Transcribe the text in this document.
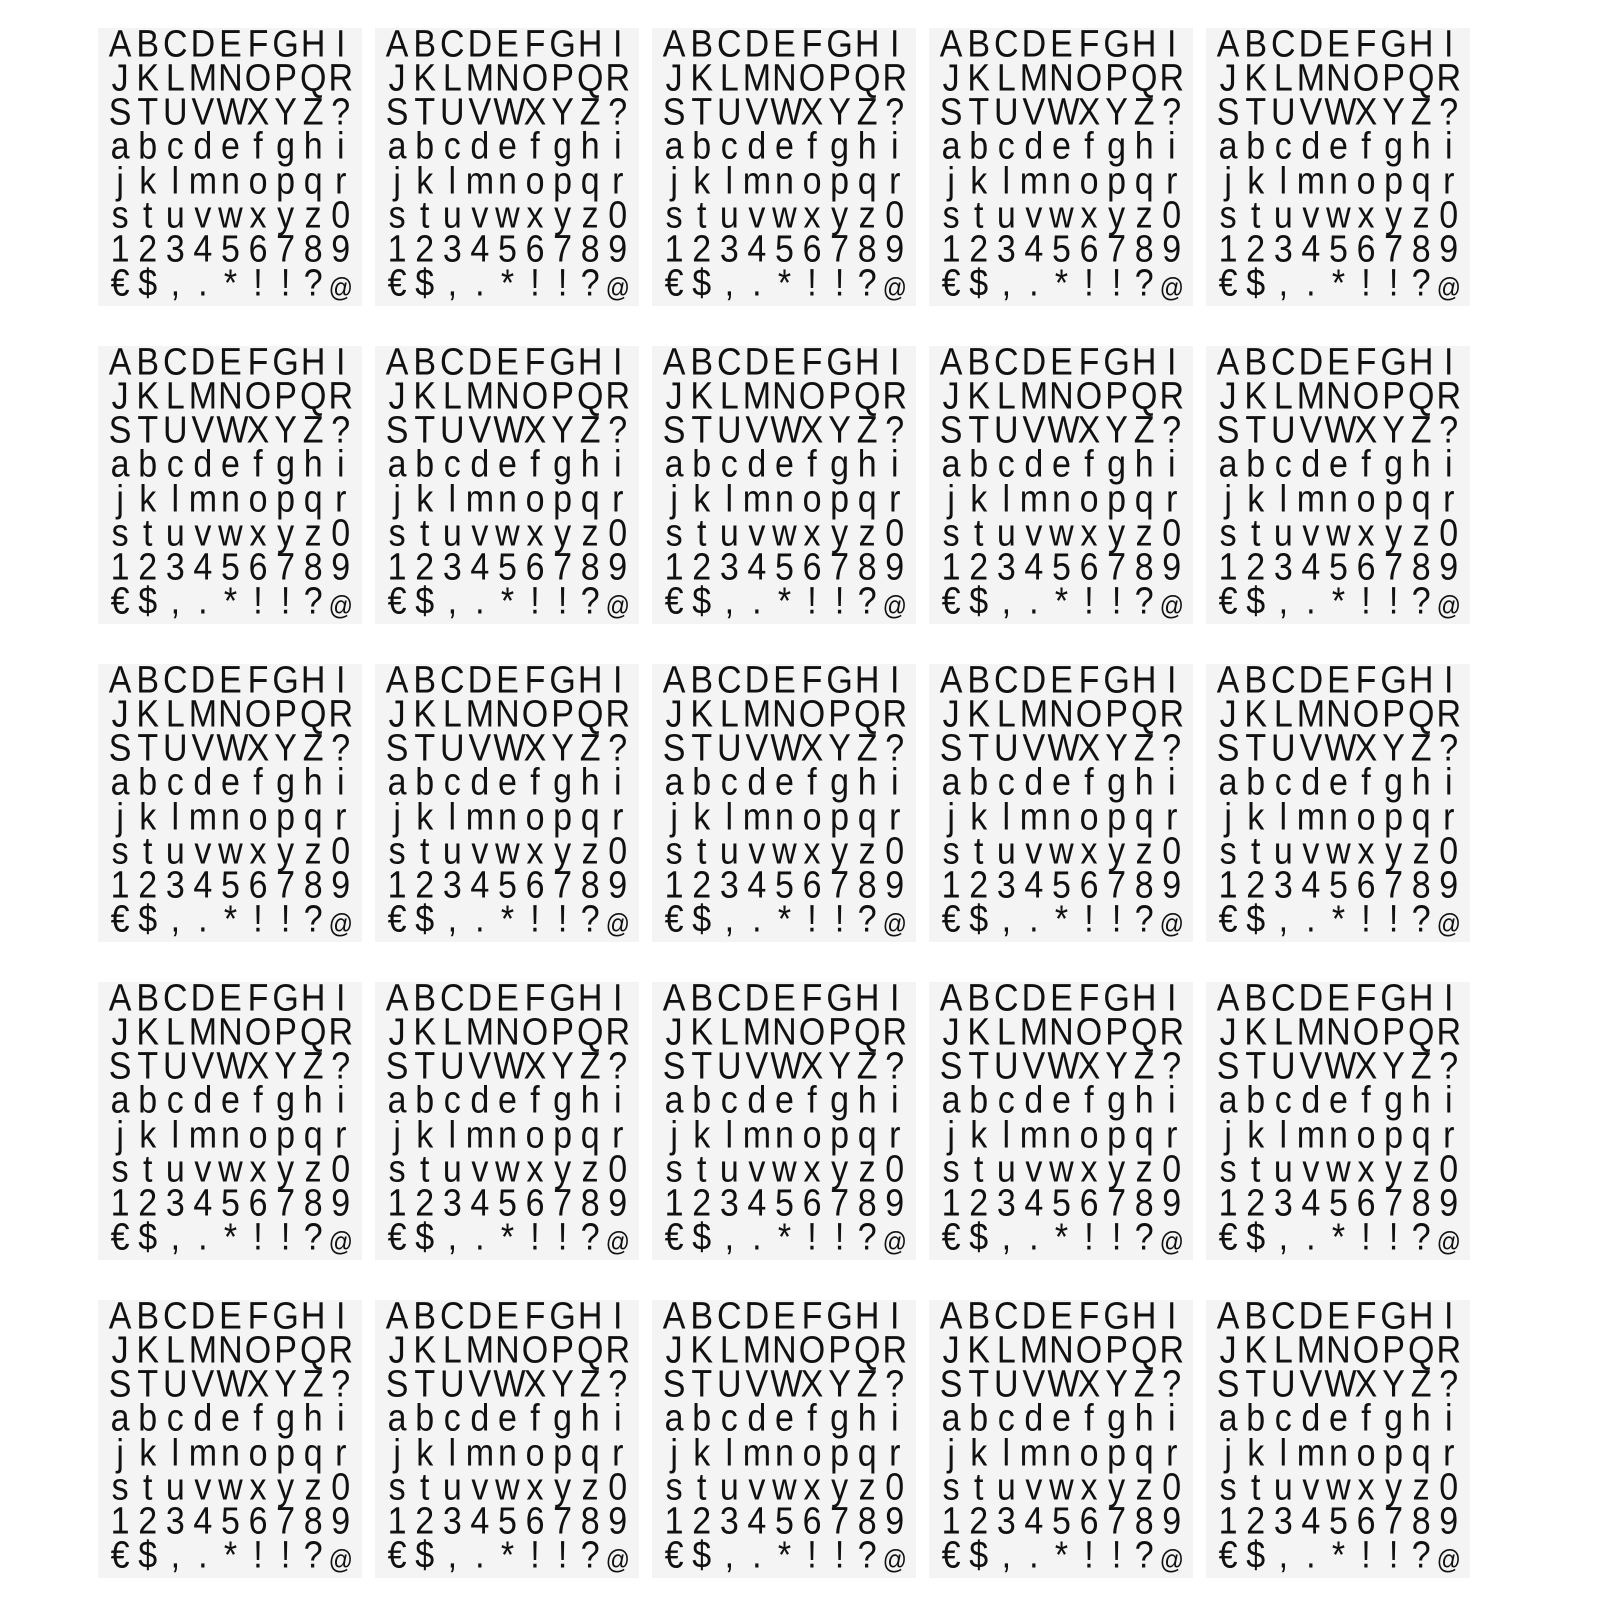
A B C D E F G H I
J K L M N O P Q R
S T U V W X Y Z ?
a b c d e f g h i
j k l m n o p q r
s t u v w x y z 0
1 2 3 4 5 6 7 8 9
€ $ , . * ! ! ? @
A B C D E F G H I
J K L M N O P Q R
S T U V W X Y Z ?
a b c d e f g h i
j k l m n o p q r
s t u v w x y z 0
1 2 3 4 5 6 7 8 9
€ $ , . * ! ! ? @
A B C D E F G H I
J K L M N O P Q R
S T U V W X Y Z ?
a b c d e f g h i
j k l m n o p q r
s t u v w x y z 0
1 2 3 4 5 6 7 8 9
€ $ , . * ! ! ? @
A B C D E F G H I
J K L M N O P Q R
S T U V W X Y Z ?
a b c d e f g h i
j k l m n o p q r
s t u v w x y z 0
1 2 3 4 5 6 7 8 9
€ $ , . * ! ! ? @
A B C D E F G H I
J K L M N O P Q R
S T U V W X Y Z ?
a b c d e f g h i
j k l m n o p q r
s t u v w x y z 0
1 2 3 4 5 6 7 8 9
€ $ , . * ! ! ? @
A B C D E F G H I
J K L M N O P Q R
S T U V W X Y Z ?
a b c d e f g h i
j k l m n o p q r
s t u v w x y z 0
1 2 3 4 5 6 7 8 9
€ $ , . * ! ! ? @
A B C D E F G H I
J K L M N O P Q R
S T U V W X Y Z ?
a b c d e f g h i
j k l m n o p q r
s t u v w x y z 0
1 2 3 4 5 6 7 8 9
€ $ , . * ! ! ? @
A B C D E F G H I
J K L M N O P Q R
S T U V W X Y Z ?
a b c d e f g h i
j k l m n o p q r
s t u v w x y z 0
1 2 3 4 5 6 7 8 9
€ $ , . * ! ! ? @
A B C D E F G H I
J K L M N O P Q R
S T U V W X Y Z ?
a b c d e f g h i
j k l m n o p q r
s t u v w x y z 0
1 2 3 4 5 6 7 8 9
€ $ , . * ! ! ? @
A B C D E F G H I
J K L M N O P Q R
S T U V W X Y Z ?
a b c d e f g h i
j k l m n o p q r
s t u v w x y z 0
1 2 3 4 5 6 7 8 9
€ $ , . * ! ! ? @
A B C D E F G H I
J K L M N O P Q R
S T U V W X Y Z ?
a b c d e f g h i
j k l m n o p q r
s t u v w x y z 0
1 2 3 4 5 6 7 8 9
€ $ , . * ! ! ? @
A B C D E F G H I
J K L M N O P Q R
S T U V W X Y Z ?
a b c d e f g h i
j k l m n o p q r
s t u v w x y z 0
1 2 3 4 5 6 7 8 9
€ $ , . * ! ! ? @
A B C D E F G H I
J K L M N O P Q R
S T U V W X Y Z ?
a b c d e f g h i
j k l m n o p q r
s t u v w x y z 0
1 2 3 4 5 6 7 8 9
€ $ , . * ! ! ? @
A B C D E F G H I
J K L M N O P Q R
S T U V W X Y Z ?
a b c d e f g h i
j k l m n o p q r
s t u v w x y z 0
1 2 3 4 5 6 7 8 9
€ $ , . * ! ! ? @
A B C D E F G H I
J K L M N O P Q R
S T U V W X Y Z ?
a b c d e f g h i
j k l m n o p q r
s t u v w x y z 0
1 2 3 4 5 6 7 8 9
€ $ , . * ! ! ? @
A B C D E F G H I
J K L M N O P Q R
S T U V W X Y Z ?
a b c d e f g h i
j k l m n o p q r
s t u v w x y z 0
1 2 3 4 5 6 7 8 9
€ $ , . * ! ! ? @
A B C D E F G H I
J K L M N O P Q R
S T U V W X Y Z ?
a b c d e f g h i
j k l m n o p q r
s t u v w x y z 0
1 2 3 4 5 6 7 8 9
€ $ , . * ! ! ? @
A B C D E F G H I
J K L M N O P Q R
S T U V W X Y Z ?
a b c d e f g h i
j k l m n o p q r
s t u v w x y z 0
1 2 3 4 5 6 7 8 9
€ $ , . * ! ! ? @
A B C D E F G H I
J K L M N O P Q R
S T U V W X Y Z ?
a b c d e f g h i
j k l m n o p q r
s t u v w x y z 0
1 2 3 4 5 6 7 8 9
€ $ , . * ! ! ? @
A B C D E F G H I
J K L M N O P Q R
S T U V W X Y Z ?
a b c d e f g h i
j k l m n o p q r
s t u v w x y z 0
1 2 3 4 5 6 7 8 9
€ $ , . * ! ! ? @
A B C D E F G H I
J K L M N O P Q R
S T U V W X Y Z ?
a b c d e f g h i
j k l m n o p q r
s t u v w x y z 0
1 2 3 4 5 6 7 8 9
€ $ , . * ! ! ? @
A B C D E F G H I
J K L M N O P Q R
S T U V W X Y Z ?
a b c d e f g h i
j k l m n o p q r
s t u v w x y z 0
1 2 3 4 5 6 7 8 9
€ $ , . * ! ! ? @
A B C D E F G H I
J K L M N O P Q R
S T U V W X Y Z ?
a b c d e f g h i
j k l m n o p q r
s t u v w x y z 0
1 2 3 4 5 6 7 8 9
€ $ , . * ! ! ? @
A B C D E F G H I
J K L M N O P Q R
S T U V W X Y Z ?
a b c d e f g h i
j k l m n o p q r
s t u v w x y z 0
1 2 3 4 5 6 7 8 9
€ $ , . * ! ! ? @
A B C D E F G H I
J K L M N O P Q R
S T U V W X Y Z ?
a b c d e f g h i
j k l m n o p q r
s t u v w x y z 0
1 2 3 4 5 6 7 8 9
€ $ , . * ! ! ? @
